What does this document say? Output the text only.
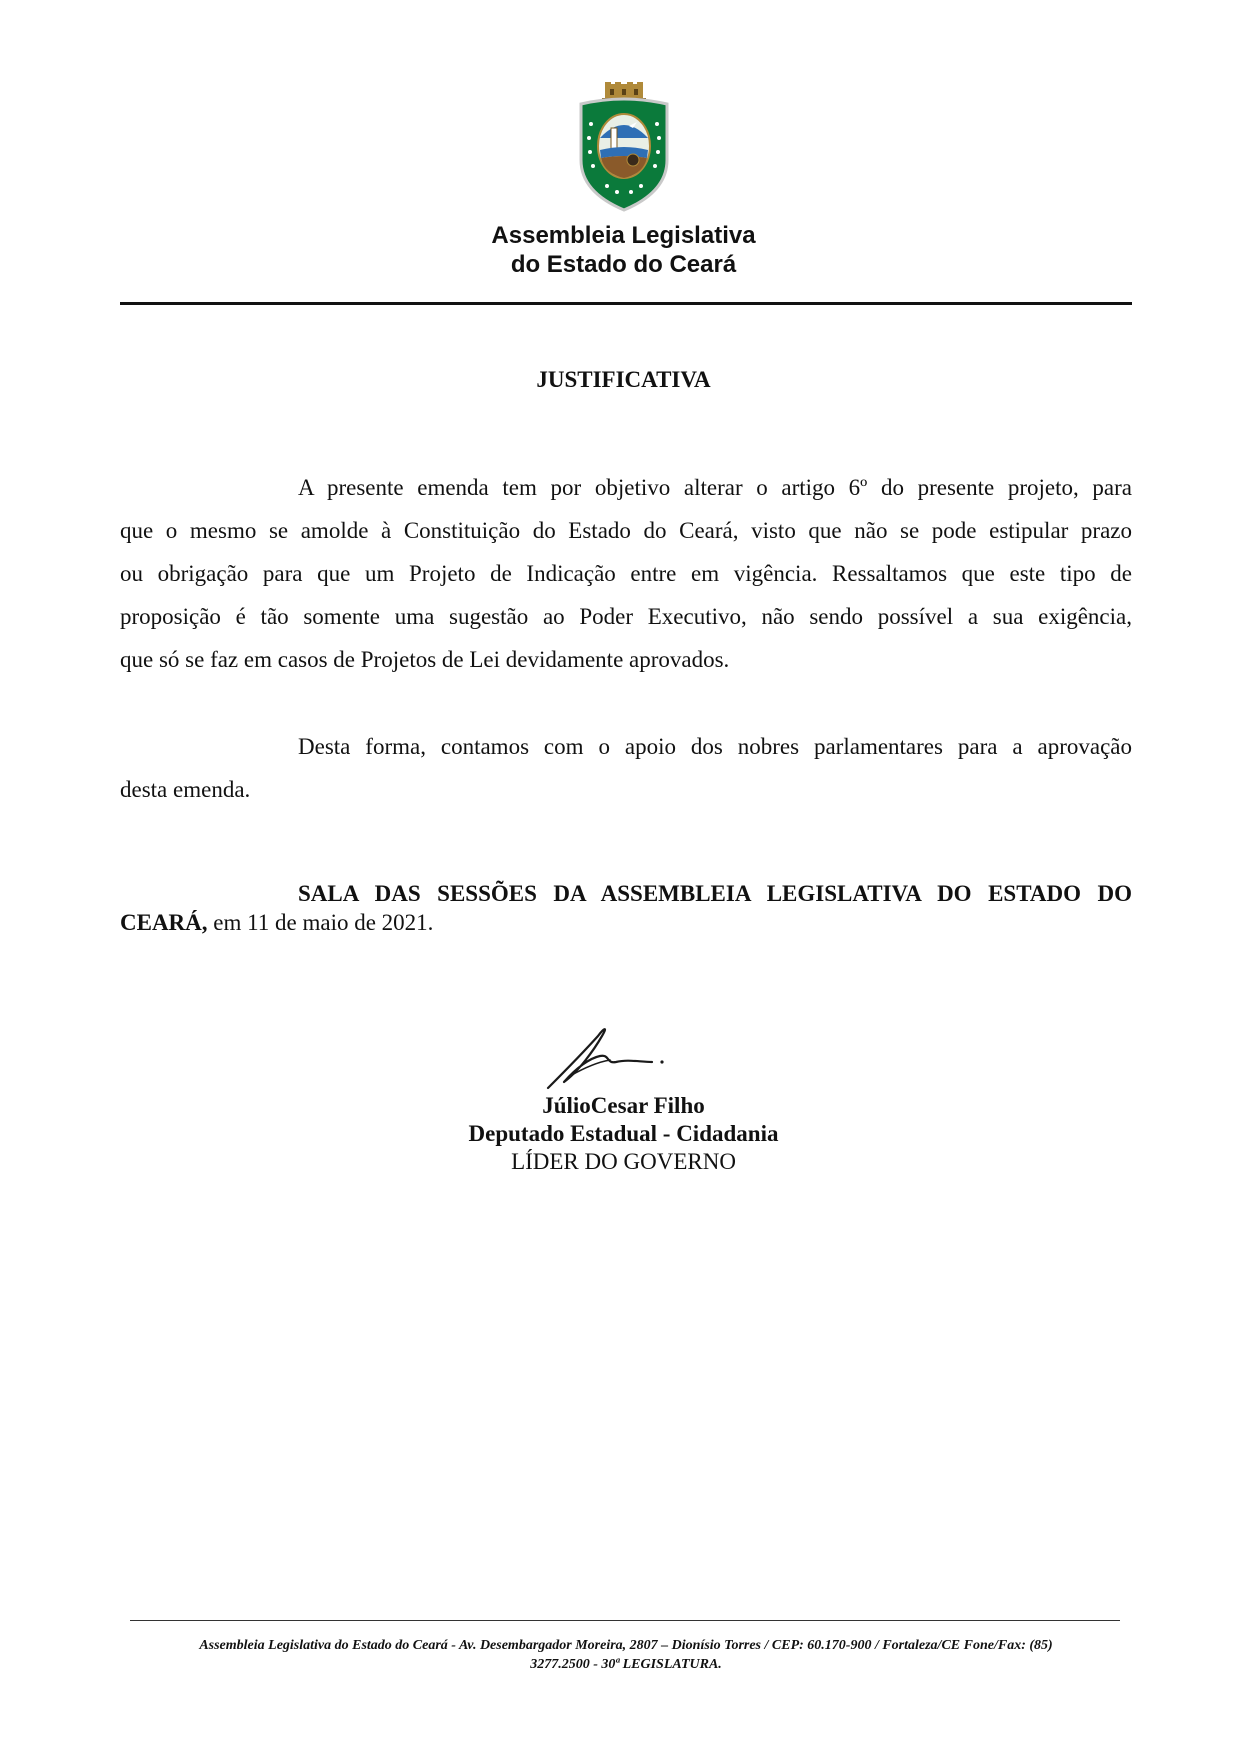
Assembleia Legislativa
do Estado do Ceará
JUSTIFICATIVA
A presente emenda tem por objetivo alterar o artigo 6º do presente projeto, para
que o mesmo se amolde à Constituição do Estado do Ceará, visto que não se pode estipular prazo
ou obrigação para que um Projeto de Indicação entre em vigência. Ressaltamos que este tipo de
proposição é tão somente uma sugestão ao Poder Executivo, não sendo possível a sua exigência,
que só se faz em casos de Projetos de Lei devidamente aprovados.
Desta forma, contamos com o apoio dos nobres parlamentares para a aprovação
desta emenda.
SALA DAS SESSÕES DA ASSEMBLEIA LEGISLATIVA DO ESTADO DO
CEARÁ, em 11 de maio de 2021.
JúlioCesar Filho
Deputado Estadual - Cidadania
LÍDER DO GOVERNO
Assembleia Legislativa do Estado do Ceará - Av. Desembargador Moreira, 2807 – Dionísio Torres / CEP: 60.170-900 / Fortaleza/CE Fone/Fax: (85)
3277.2500 - 30ª LEGISLATURA.
